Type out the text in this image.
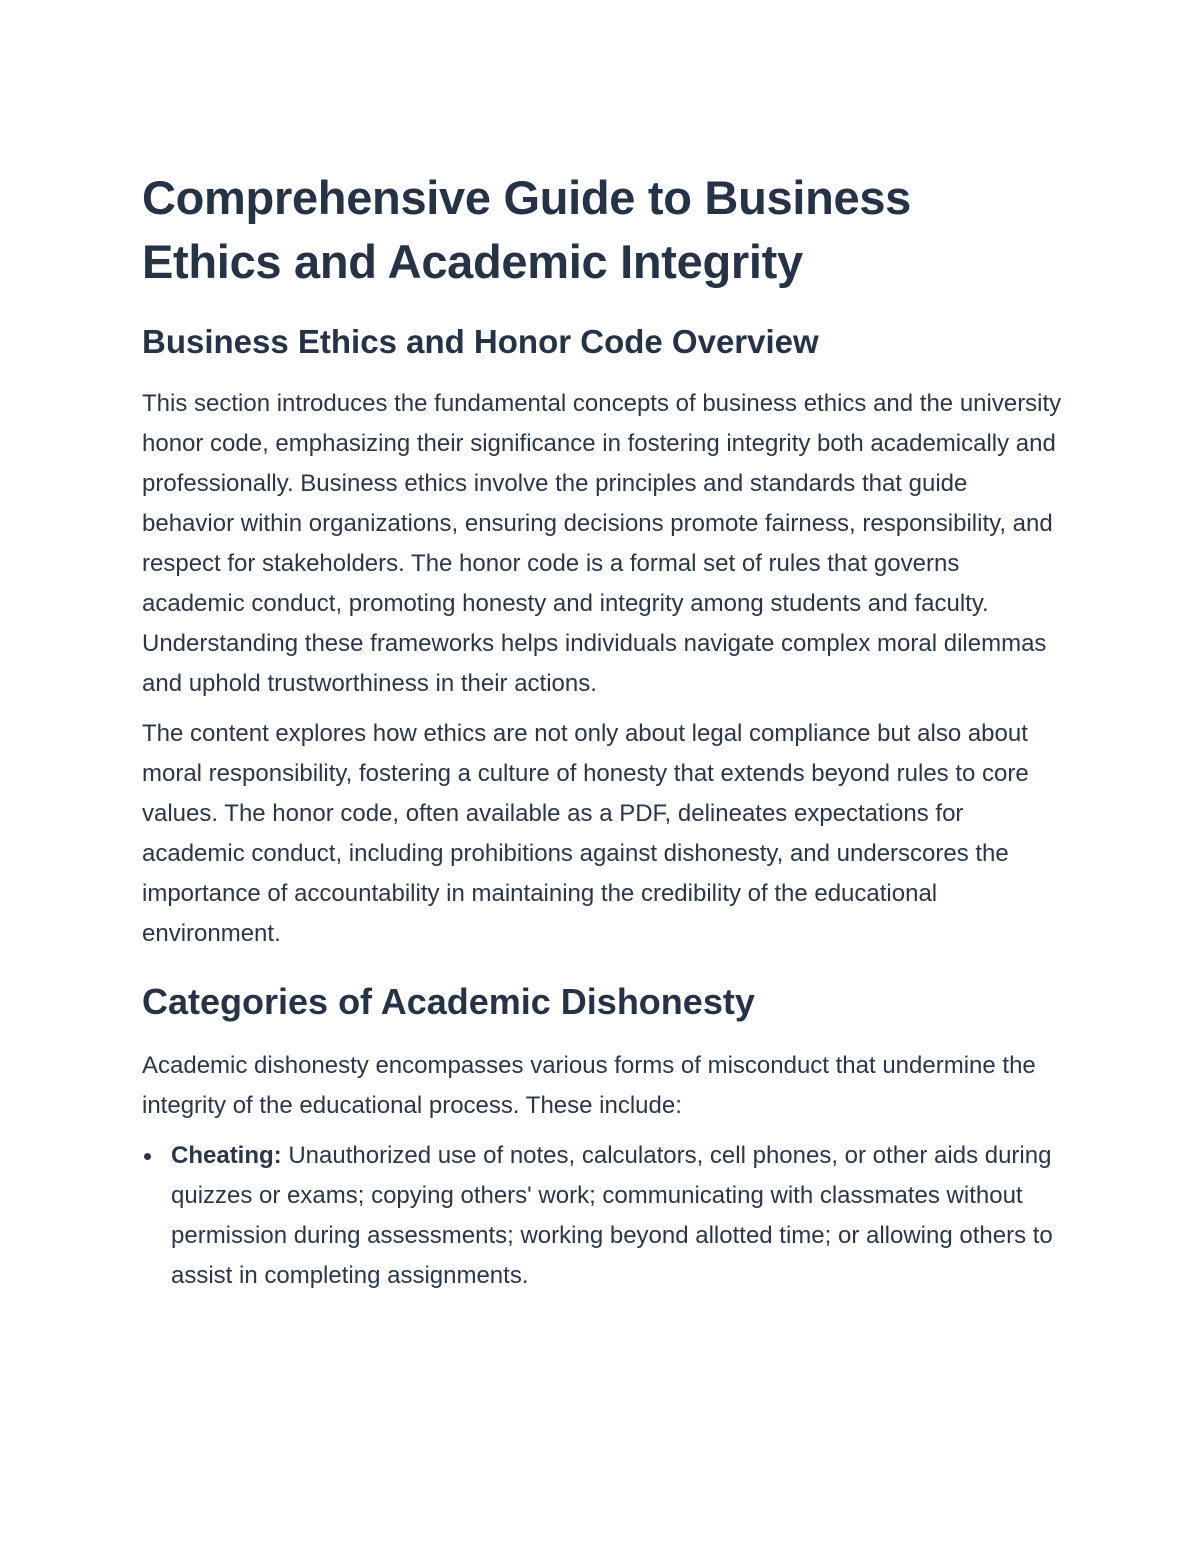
Comprehensive Guide to Business Ethics and Academic Integrity
Business Ethics and Honor Code Overview

This section introduces the fundamental concepts of business ethics and the university honor code, emphasizing their significance in fostering integrity both academically and professionally. Business ethics involve the principles and standards that guide behavior within organizations, ensuring decisions promote fairness, responsibility, and respect for stakeholders. The honor code is a formal set of rules that governs academic conduct, promoting honesty and integrity among students and faculty. Understanding these frameworks helps individuals navigate complex moral dilemmas and uphold trustworthiness in their actions.

The content explores how ethics are not only about legal compliance but also about moral responsibility, fostering a culture of honesty that extends beyond rules to core values. The honor code, often available as a PDF, delineates expectations for academic conduct, including prohibitions against dishonesty, and underscores the importance of accountability in maintaining the credibility of the educational environment.

Categories of Academic Dishonesty

Academic dishonesty encompasses various forms of misconduct that undermine the integrity of the educational process. These include:

Cheating: Unauthorized use of notes, calculators, cell phones, or other aids during quizzes or exams; copying others' work; communicating with classmates without permission during assessments; working beyond allotted time; or allowing others to assist in completing assignments.
